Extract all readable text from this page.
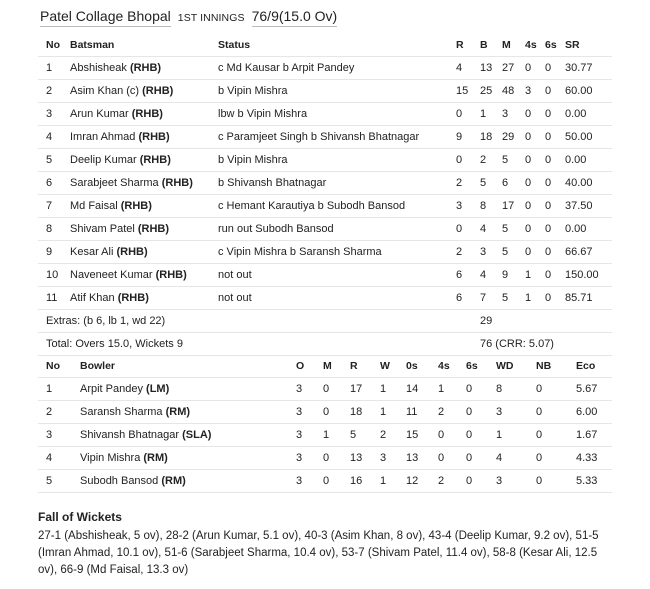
Patel Collage Bhopal 1ST INNINGS 76/9(15.0 Ov)
No	Batsman	Status	R	B	M	4s	6s	SR
1	Abshisheak (RHB)	c Md Kausar b Arpit Pandey	4	13	27	0	0	30.77
2	Asim Khan (c) (RHB)	b Vipin Mishra	15	25	48	3	0	60.00
3	Arun Kumar (RHB)	lbw b Vipin Mishra	0	1	3	0	0	0.00
4	Imran Ahmad (RHB)	c Paramjeet Singh b Shivansh Bhatnagar	9	18	29	0	0	50.00
5	Deelip Kumar (RHB)	b Vipin Mishra	0	2	5	0	0	0.00
6	Sarabjeet Sharma (RHB)	b Shivansh Bhatnagar	2	5	6	0	0	40.00
7	Md Faisal (RHB)	c Hemant Karautiya b Subodh Bansod	3	8	17	0	0	37.50
8	Shivam Patel (RHB)	run out Subodh Bansod	0	4	5	0	0	0.00
9	Kesar Ali (RHB)	c Vipin Mishra b Saransh Sharma	2	3	5	0	0	66.67
10	Naveneet Kumar (RHB)	not out	6	4	9	1	0	150.00
11	Atif Khan (RHB)	not out	6	7	5	1	0	85.71
Extras: (b 6, lb 1, wd 22)				29				
Total: Overs 15.0, Wickets 9				76 (CRR: 5.07)				
No	Bowler	O	M	R	W	0s	4s	6s	WD	NB	Eco
1	Arpit Pandey (LM)	3	0	17	1	14	1	0	8	0	5.67
2	Saransh Sharma (RM)	3	0	18	1	11	2	0	3	0	6.00
3	Shivansh Bhatnagar (SLA)	3	1	5	2	15	0	0	1	0	1.67
4	Vipin Mishra (RM)	3	0	13	3	13	0	0	4	0	4.33
5	Subodh Bansod (RM)	3	0	16	1	12	2	0	3	0	5.33
Fall of Wickets

27-1 (Abshisheak, 5 ov), 28-2 (Arun Kumar, 5.1 ov), 40-3 (Asim Khan, 8 ov), 43-4 (Deelip Kumar, 9.2 ov), 51-5 (Imran Ahmad, 10.1 ov), 51-6 (Sarabjeet Sharma, 10.4 ov), 53-7 (Shivam Patel, 11.4 ov), 58-8 (Kesar Ali, 12.5 ov), 66-9 (Md Faisal, 13.3 ov)
